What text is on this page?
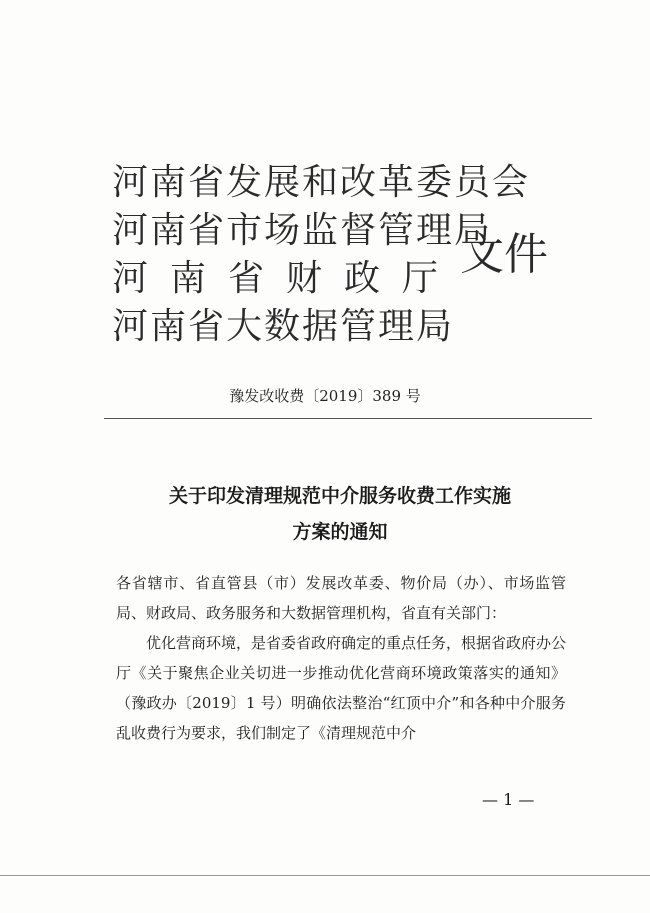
河南省发展和改革委员会
河南省市场监督管理局
河南省财政厅
河南省大数据管理局
文件
豫发改收费〔2019〕389 号
关于印发清理规范中介服务收费工作实施
方案的通知

各省辖市、省直管县（市）发展改革委、物价局（办）、市场监管局、财政局、政务服务和大数据管理机构，省直有关部门：

优化营商环境，是省委省政府确定的重点任务，根据省政府办公厅《关于聚焦企业关切进一步推动优化营商环境政策落实的通知》（豫政办〔2019〕1 号）明确依法整治“红顶中介”和各种中介服务乱收费行为要求，我们制定了《清理规范中介

— 1 —
